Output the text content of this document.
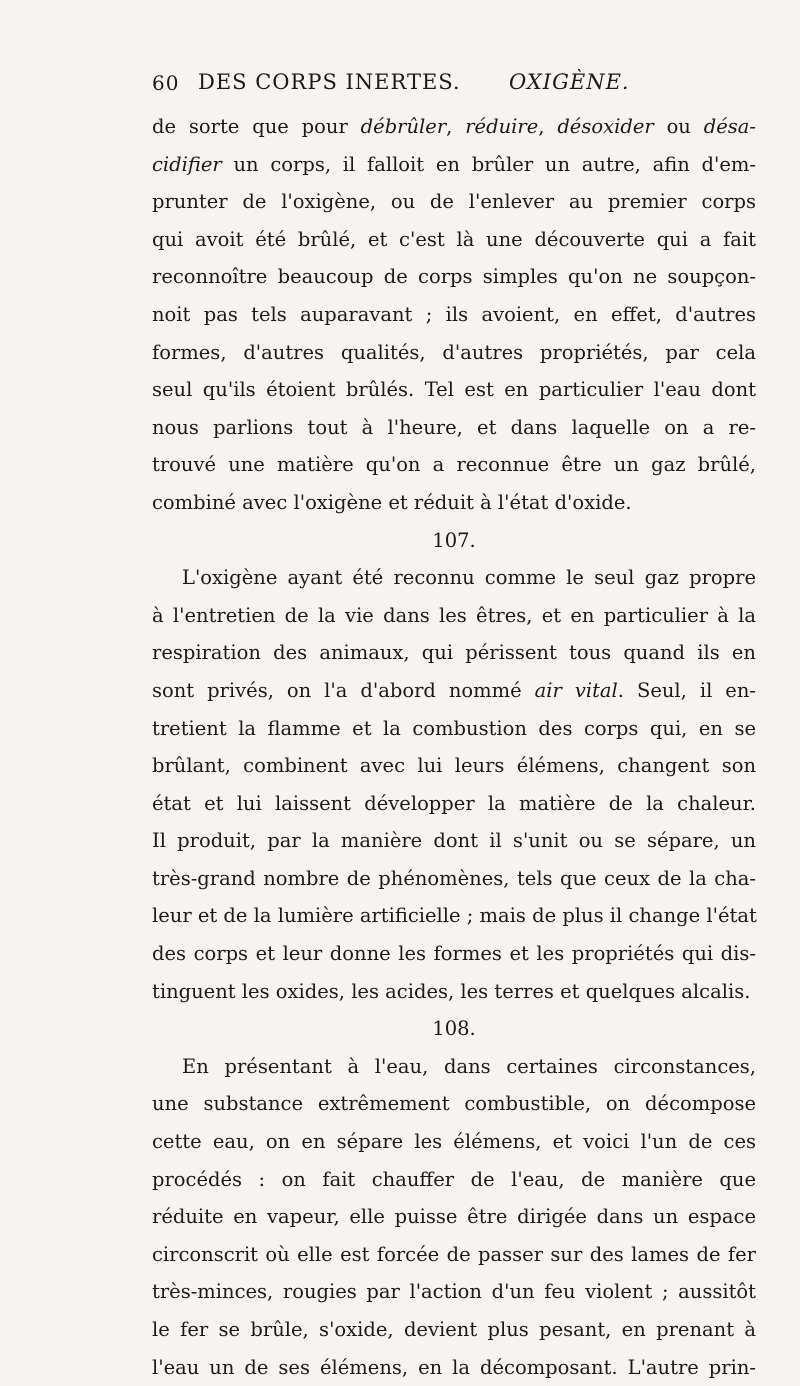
60 DES CORPS INERTES. OXIGÈNE.
de sorte que pour débrûler, réduire, désoxider ou désa-
cidifier un corps, il falloit en brûler un autre, afin d'em-
prunter de l'oxigène, ou de l'enlever au premier corps
qui avoit été brûlé, et c'est là une découverte qui a fait
reconnoître beaucoup de corps simples qu'on ne soupçon-
noit pas tels auparavant ; ils avoient, en effet, d'autres
formes, d'autres qualités, d'autres propriétés, par cela
seul qu'ils étoient brûlés. Tel est en particulier l'eau dont
nous parlions tout à l'heure, et dans laquelle on a re-
trouvé une matière qu'on a reconnue être un gaz brûlé,
combiné avec l'oxigène et réduit à l'état d'oxide.
107.
L'oxigène ayant été reconnu comme le seul gaz propre
à l'entretien de la vie dans les êtres, et en particulier à la
respiration des animaux, qui périssent tous quand ils en
sont privés, on l'a d'abord nommé air vital. Seul, il en-
tretient la flamme et la combustion des corps qui, en se
brûlant, combinent avec lui leurs élémens, changent son
état et lui laissent développer la matière de la chaleur.
Il produit, par la manière dont il s'unit ou se sépare, un
très-grand nombre de phénomènes, tels que ceux de la cha-
leur et de la lumière artificielle ; mais de plus il change l'état
des corps et leur donne les formes et les propriétés qui dis-
tinguent les oxides, les acides, les terres et quelques alcalis.
108.
En présentant à l'eau, dans certaines circonstances,
une substance extrêmement combustible, on décompose
cette eau, on en sépare les élémens, et voici l'un de ces
procédés : on fait chauffer de l'eau, de manière que
réduite en vapeur, elle puisse être dirigée dans un espace
circonscrit où elle est forcée de passer sur des lames de fer
très-minces, rougies par l'action d'un feu violent ; aussitôt
le fer se brûle, s'oxide, devient plus pesant, en prenant à
l'eau un de ses élémens, en la décomposant. L'autre prin-
